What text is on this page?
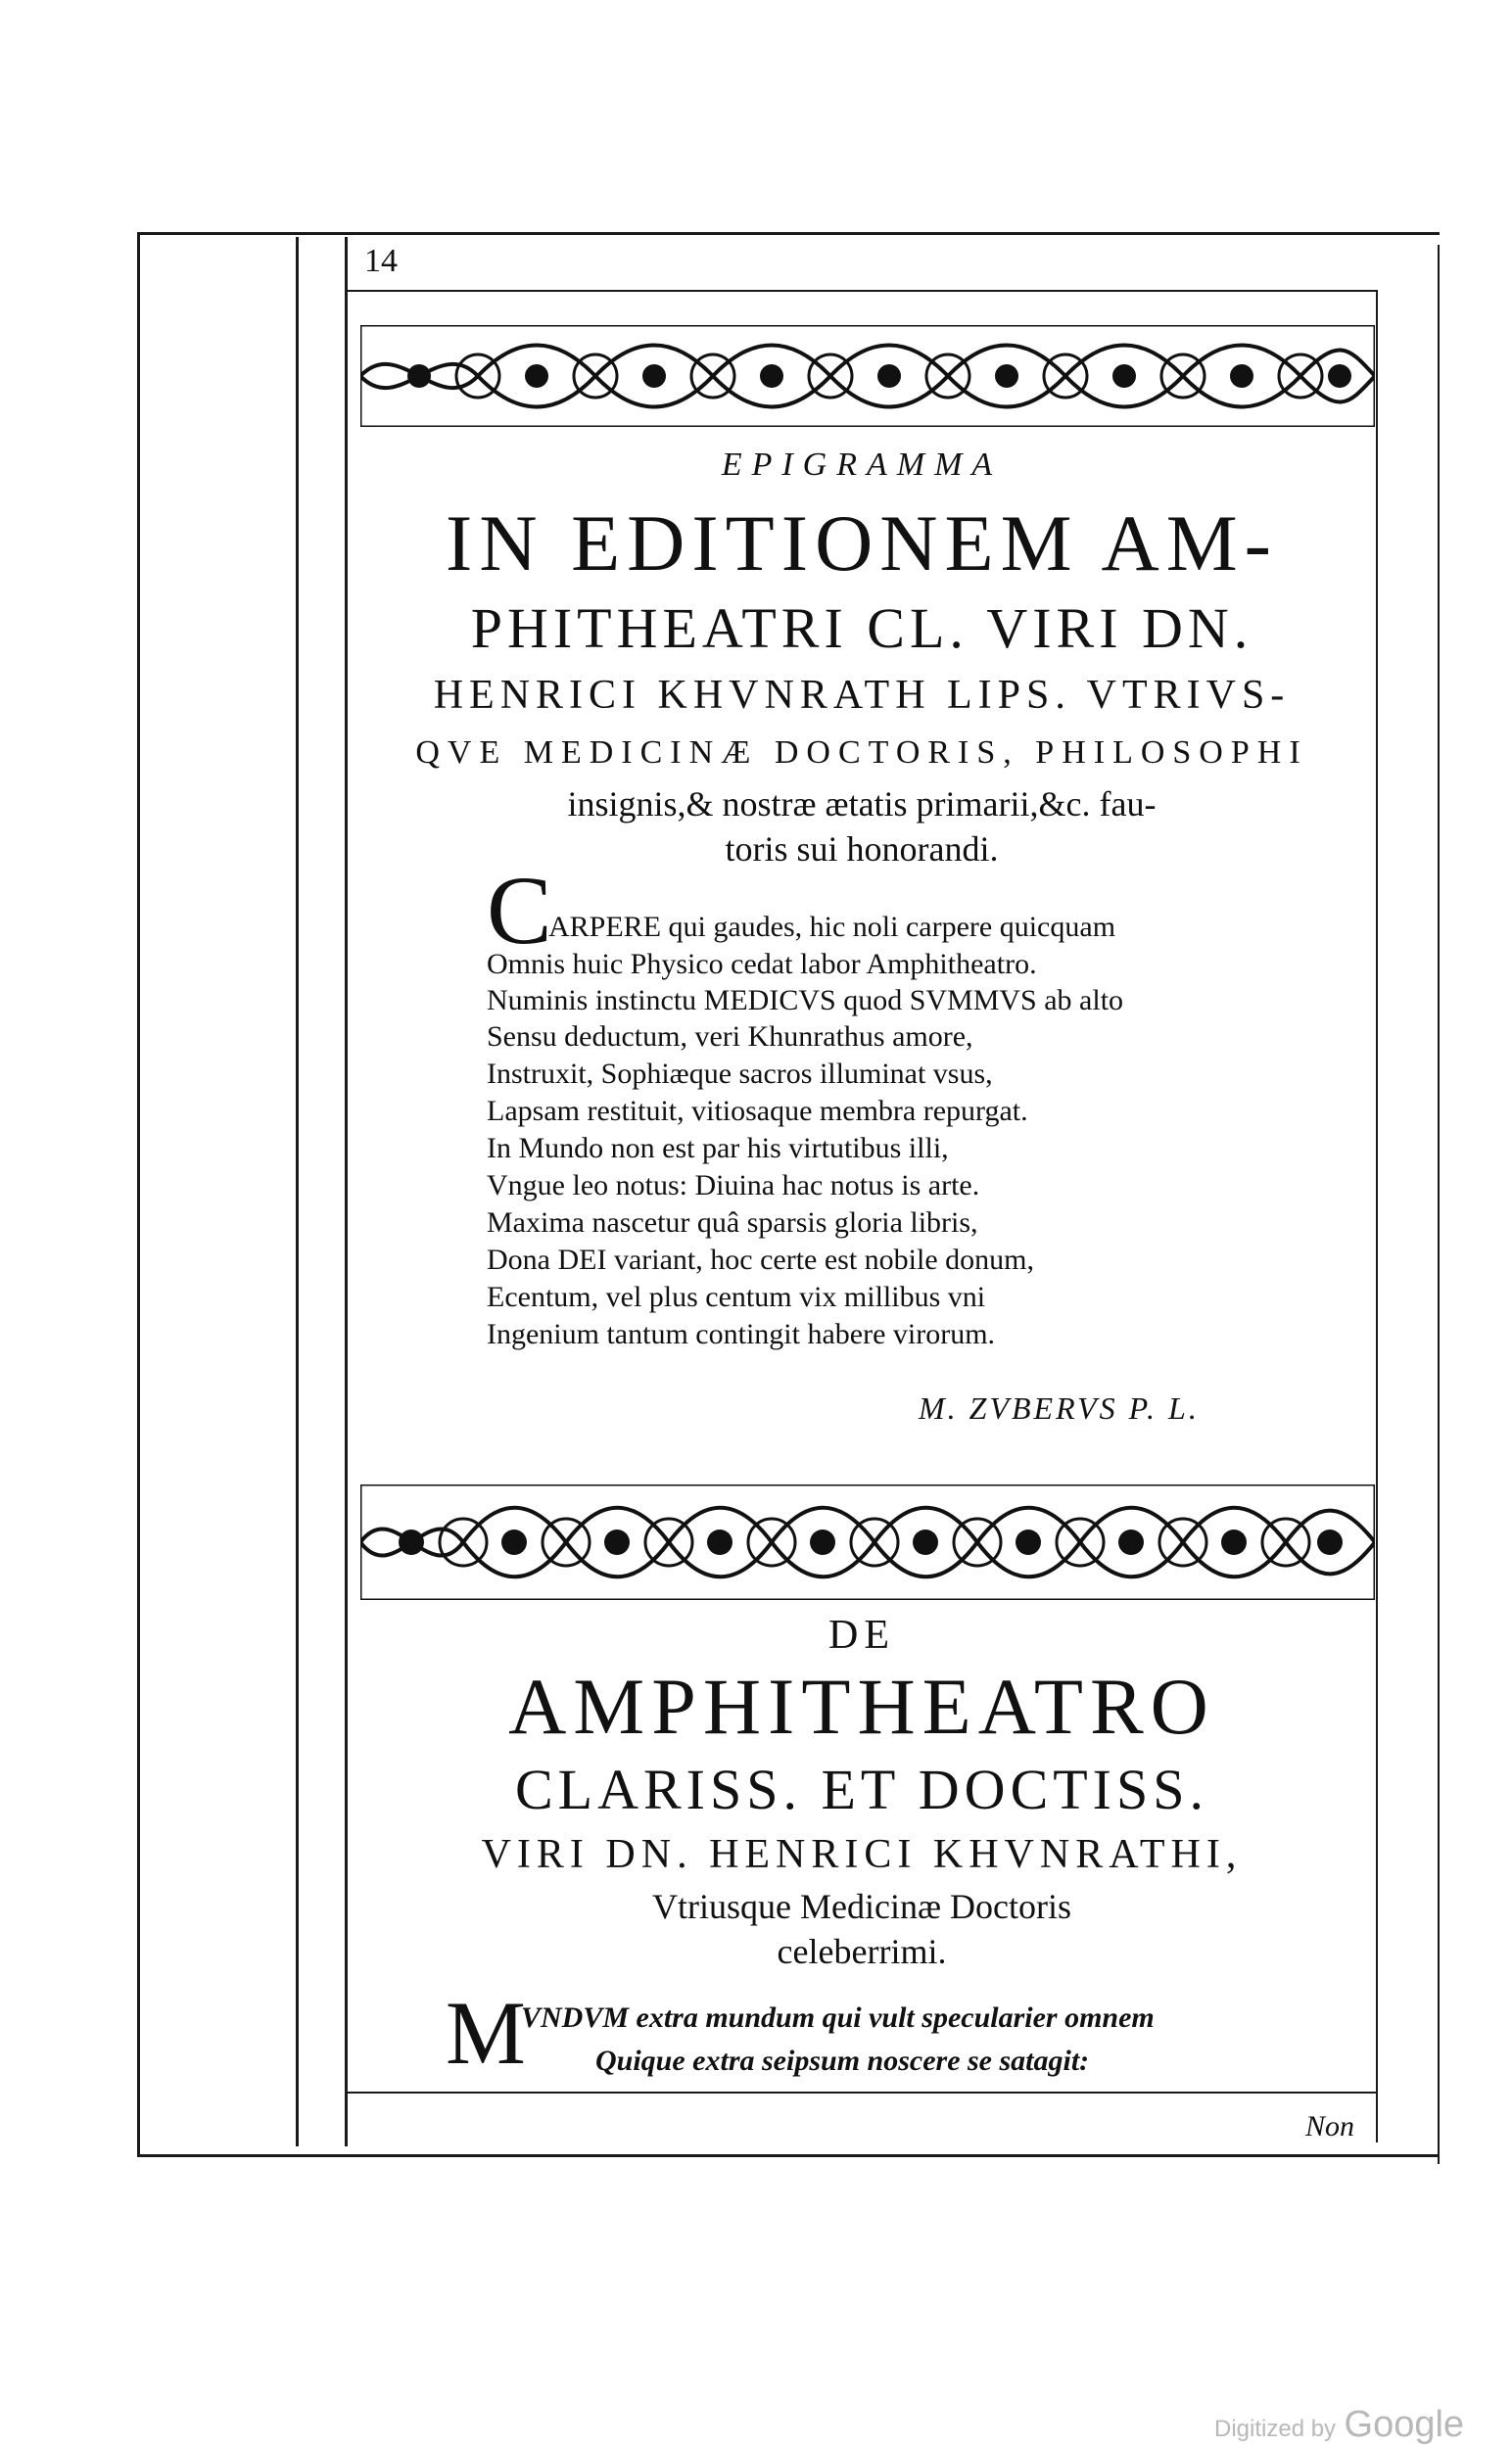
14
EPIGRAMMA
IN EDITIONEM AM-
PHITHEATRI CL. VIRI DN.
HENRICI KHVNRATH LIPS. VTRIVS-
QVE MEDICINÆ DOCTORIS, PHILOSOPHI
insignis,& nostræ ætatis primarii,&c. fau-
toris sui honorandi.
C
ARPERE qui gaudes, hic noli carpere quicquam
Omnis huic Physico cedat labor Amphitheatro.
Numinis instinctu MEDICVS quod SVMMVS ab alto
Sensu deductum, veri Khunrathus amore,
Instruxit, Sophiæque sacros illuminat vsus,
Lapsam restituit, vitiosaque membra repurgat.
In Mundo non est par his virtutibus illi,
Vngue leo notus: Diuina hac notus is arte.
Maxima nascetur quâ sparsis gloria libris,
Dona DEI variant, hoc certe est nobile donum,
Ecentum, vel plus centum vix millibus vni
Ingenium tantum contingit habere virorum.
M. ZVBERVS P. L.
DE
AMPHITHEATRO
CLARISS. ET DOCTISS.
VIRI DN. HENRICI KHVNRATHI,
Vtriusque Medicinæ Doctoris
celeberrimi.
M
VNDVM extra mundum qui vult specularier omnem
Quique extra seipsum noscere se satagit:
Non
Digitized by Google
